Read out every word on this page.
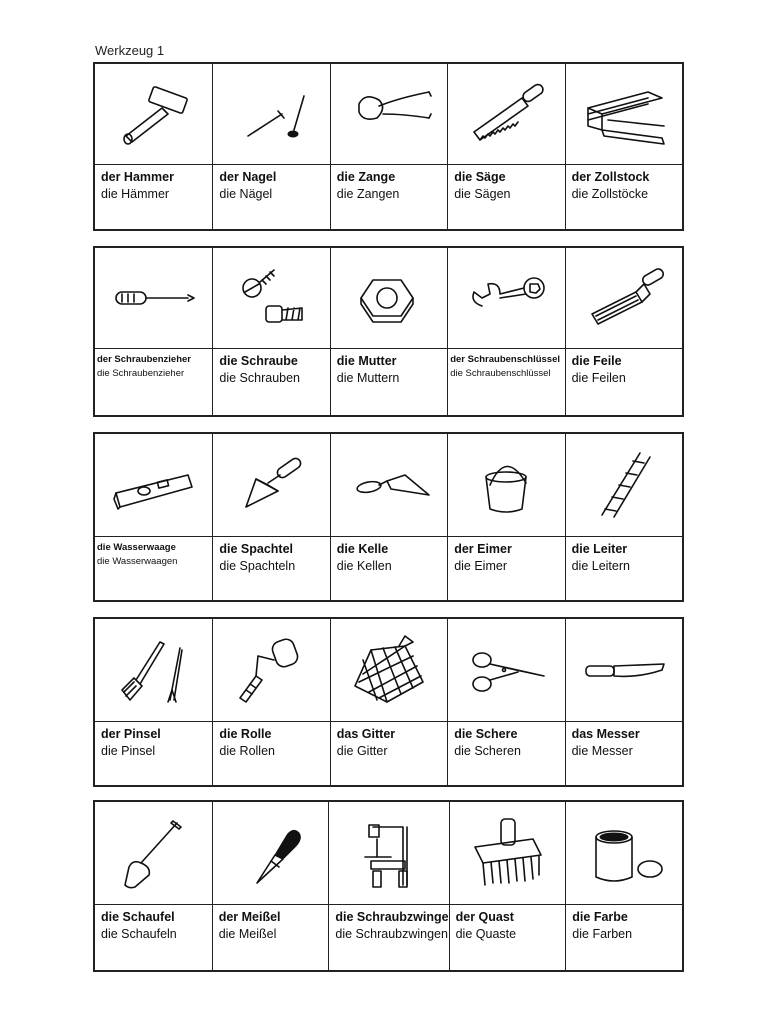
Werkzeug 1
der Hammer
die Hämmer
der Nagel
die Nägel
die Zange
die Zangen
die Säge
die Sägen
der Zollstock
die Zollstöcke
der Schraubenzieher
die Schraubenzieher
die Schraube
die Schrauben
die Mutter
die Muttern
der Schraubenschlüssel
die Schraubenschlüssel
die Feile
die Feilen
die Wasserwaage
die Wasserwaagen
die Spachtel
die Spachteln
die Kelle
die Kellen
der Eimer
die Eimer
die Leiter
die Leitern
der Pinsel
die Pinsel
die Rolle
die Rollen
das Gitter
die Gitter
die Schere
die Scheren
das Messer
die Messer
die Schaufel
die Schaufeln
der Meißel
die Meißel
die Schraubzwinge
die Schraubzwingen
der Quast
die Quaste
die Farbe
die Farben
